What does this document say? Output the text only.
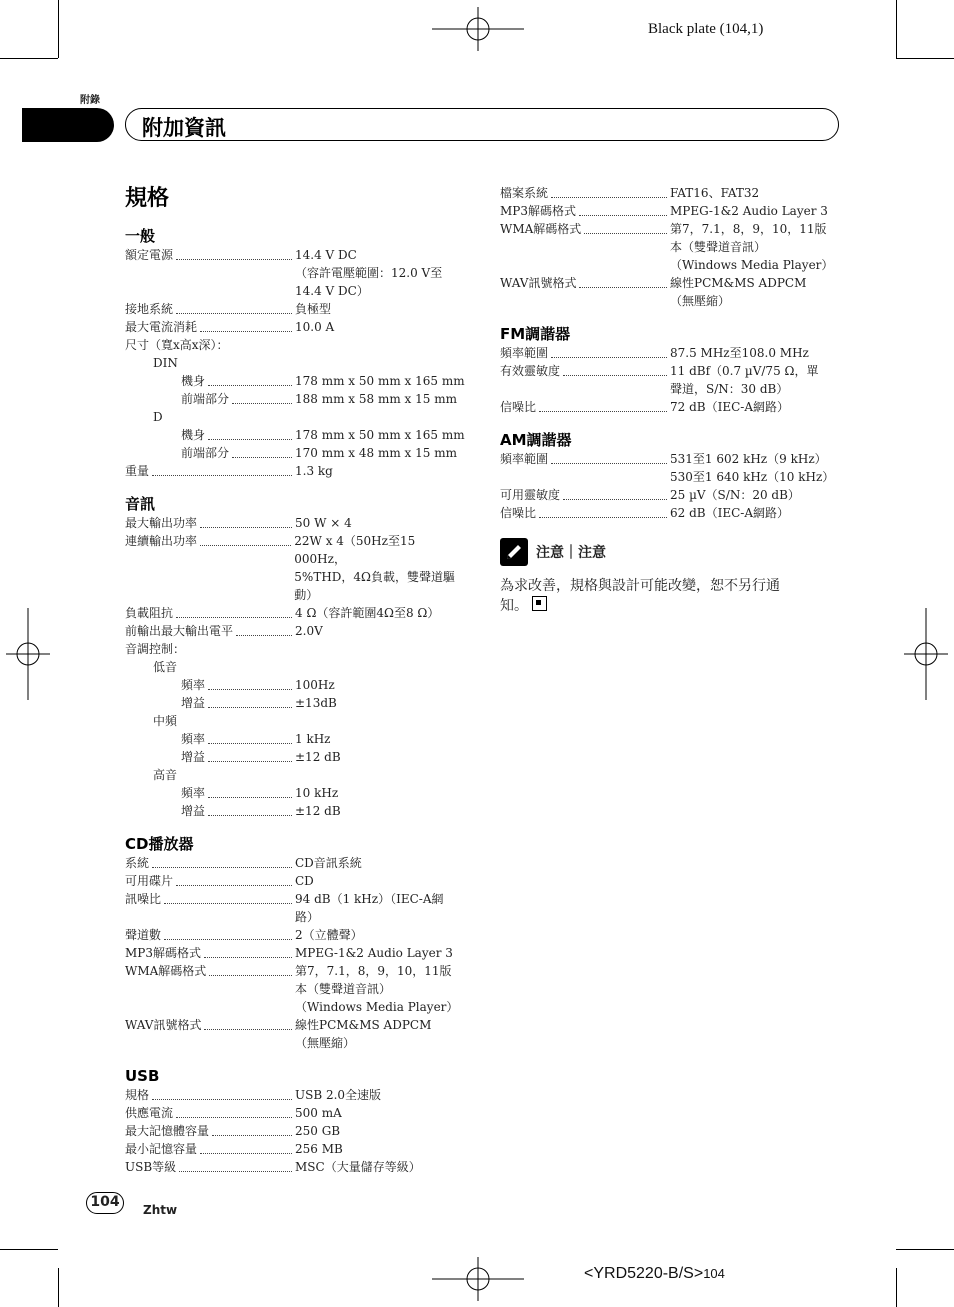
Black plate (104,1)
附錄
附加資訊
規格
一般
額定電源	14.4 V DC
（容許電壓範圍：12.0 V至
14.4 V DC）
接地系統	負極型
最大電流消耗	10.0 A
尺寸（寬x高x深）：
DIN
機身	178 mm x 50 mm x 165 mm
前端部分	188 mm x 58 mm x 15 mm
D
機身	178 mm x 50 mm x 165 mm
前端部分	170 mm x 48 mm x 15 mm
重量	1.3 kg
音訊
最大輸出功率	50 W × 4
連續輸出功率	22W x 4（50Hz至15 000Hz，
5%THD，4Ω負載，雙聲道驅
動）
負載阻抗	4 Ω（容許範圍4Ω至8 Ω）
前輸出最大輸出電平	2.0V
音調控制：
低音
頻率	100Hz
增益	±13dB
中頻
頻率	1 kHz
增益	±12 dB
高音
頻率	10 kHz
增益	±12 dB
CD播放器
系統	CD音訊系統
可用碟片	CD
訊噪比	94 dB（1 kHz）（IEC-A網
路）
聲道數	2（立體聲）
MP3解碼格式	MPEG-1&2 Audio Layer 3
WMA解碼格式	第7，7.1，8，9，10，11版
本（雙聲道音訊）
（Windows Media Player）
WAV訊號格式	線性PCM&MS ADPCM
（無壓縮）
USB
規格	USB 2.0全速版
供應電流	500 mA
最大記憶體容量	250 GB
最小記憶容量	256 MB
USB等級	MSC（大量儲存等級）
檔案系統	FAT16、FAT32
MP3解碼格式	MPEG-1&2 Audio Layer 3
WMA解碼格式	第7，7.1，8，9，10，11版
本（雙聲道音訊）
（Windows Media Player）
WAV訊號格式	線性PCM&MS ADPCM
（無壓縮）
FM調諧器
頻率範圍	87.5 MHz至108.0 MHz
有效靈敏度	11 dBf（0.7 µV/75 Ω，單
聲道，S/N：30 dB）
信噪比	72 dB（IEC-A網路）
AM調諧器
頻率範圍	531至1 602 kHz（9 kHz）
530至1 640 kHz（10 kHz）
可用靈敏度	25 µV（S/N：20 dB）
信噪比	62 dB（IEC-A網路）
注意｜注意
為求改善，規格與設計可能改變，恕不另行通
知。
104	Zhtw
<YRD5220-B/S>104
